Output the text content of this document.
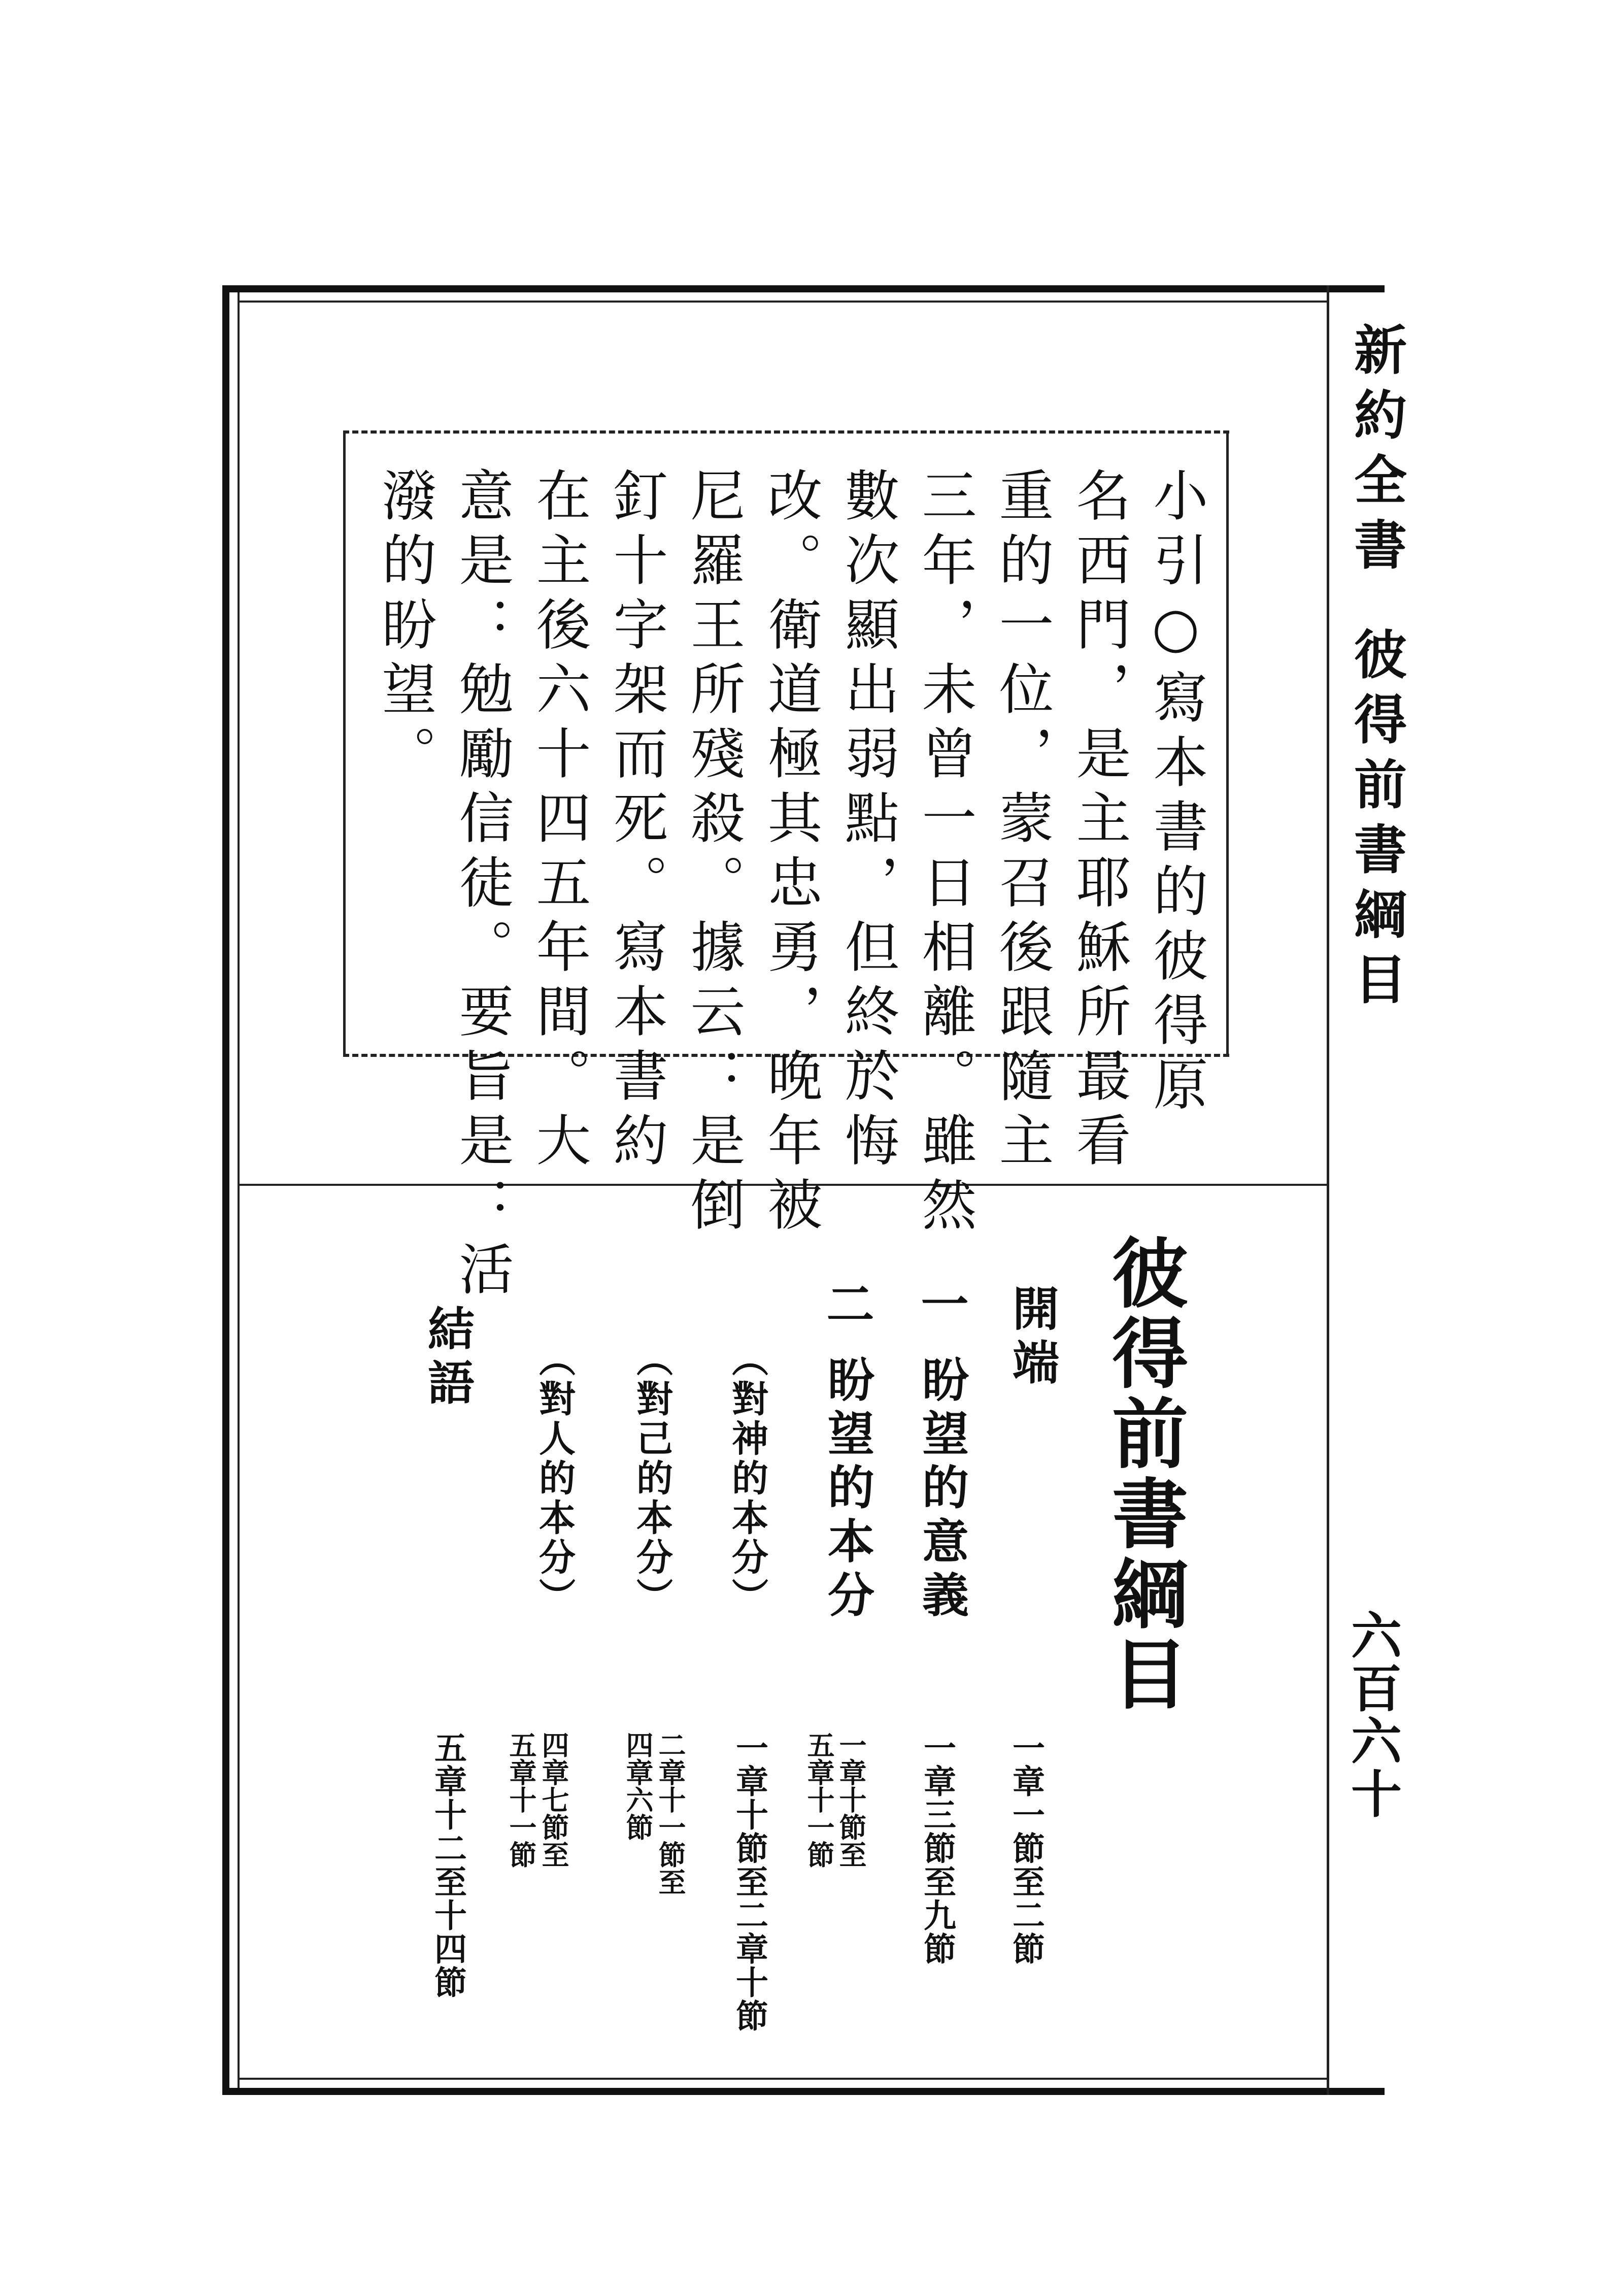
新約全書
彼得前書綱目
六百六十
小引○寫本書的彼得原
名西門，是主耶穌所最看
重的一位，蒙召後跟隨主
三年，未曾一日相離。雖然
數次顯出弱點，但終於悔
改。衛道極其忠勇，晚年被
尼羅王所殘殺。據云：是倒
釘十字架而死。寫本書約
在主後六十四五年間。大
意是：勉勵信徒。要旨是：活
潑的盼望。
彼得前書綱目
開端
一章一節至二節
一
盼望的意義
一章三節至九節
二
盼望的本分
一章十節至
五章十一節
（對神的本分）
一章十節至二章十節
（對己的本分）
二章十一節至
四章六節
（對人的本分）
四章七節至
五章十一節
結語
五章十二至十四節
